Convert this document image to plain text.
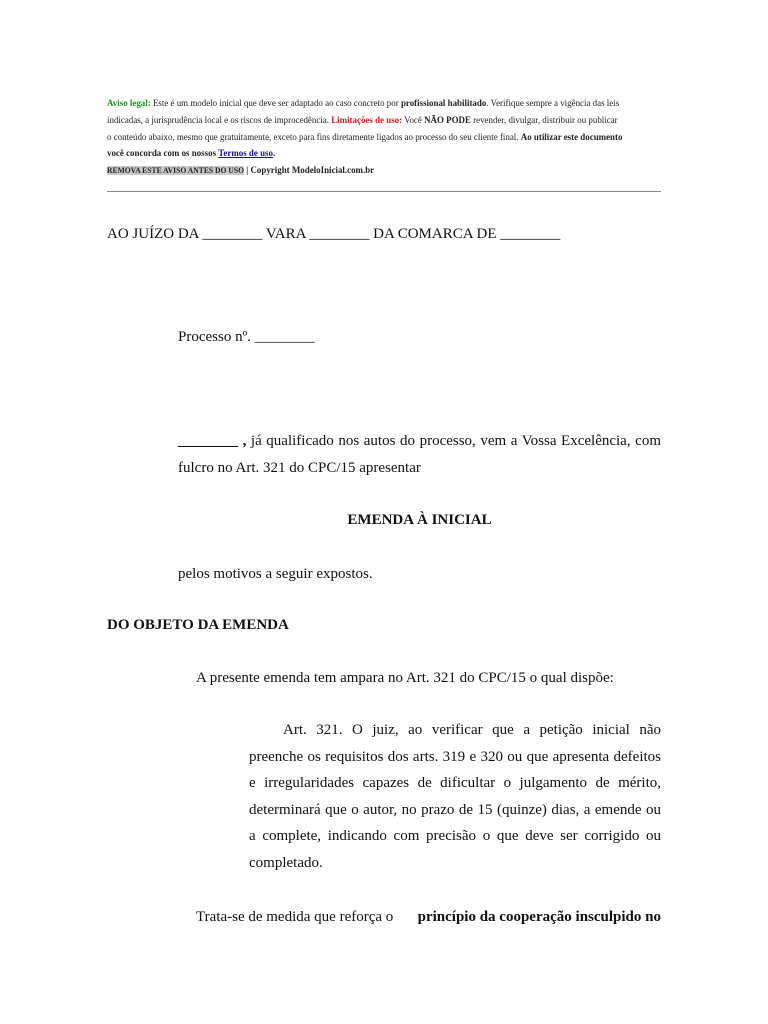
Aviso legal: Este é um modelo inicial que deve ser adaptado ao caso concreto por profissional habilitado. Verifique sempre a vigência das leis indicadas, a jurisprudência local e os riscos de improcedência. Limitações de uso: Você NÃO PODE revender, divulgar, distribuir ou publicar o conteúdo abaixo, mesmo que gratuitamente, exceto para fins diretamente ligados ao processo do seu cliente final. Ao utilizar este documento você concorda com os nossos Termos de uso.
REMOVA ESTE AVISO ANTES DO USO | Copyright ModeloInicial.com.br
AO JUÍZO DA ________ VARA ________ DA COMARCA DE ________
Processo nº. ________
________ , já qualificado nos autos do processo, vem a Vossa Excelência, com fulcro no Art. 321 do CPC/15 apresentar
EMENDA À INICIAL
pelos motivos a seguir expostos.
DO OBJETO DA EMENDA
A presente emenda tem ampara no Art. 321 do CPC/15 o qual dispõe:
Art. 321. O juiz, ao verificar que a petição inicial não preenche os requisitos dos arts. 319 e 320 ou que apresenta defeitos e irregularidades capazes de dificultar o julgamento de mérito, determinará que o autor, no prazo de 15 (quinze) dias, a emende ou a complete, indicando com precisão o que deve ser corrigido ou completado.
Trata-se de medida que reforça o princípio da cooperação insculpido no
